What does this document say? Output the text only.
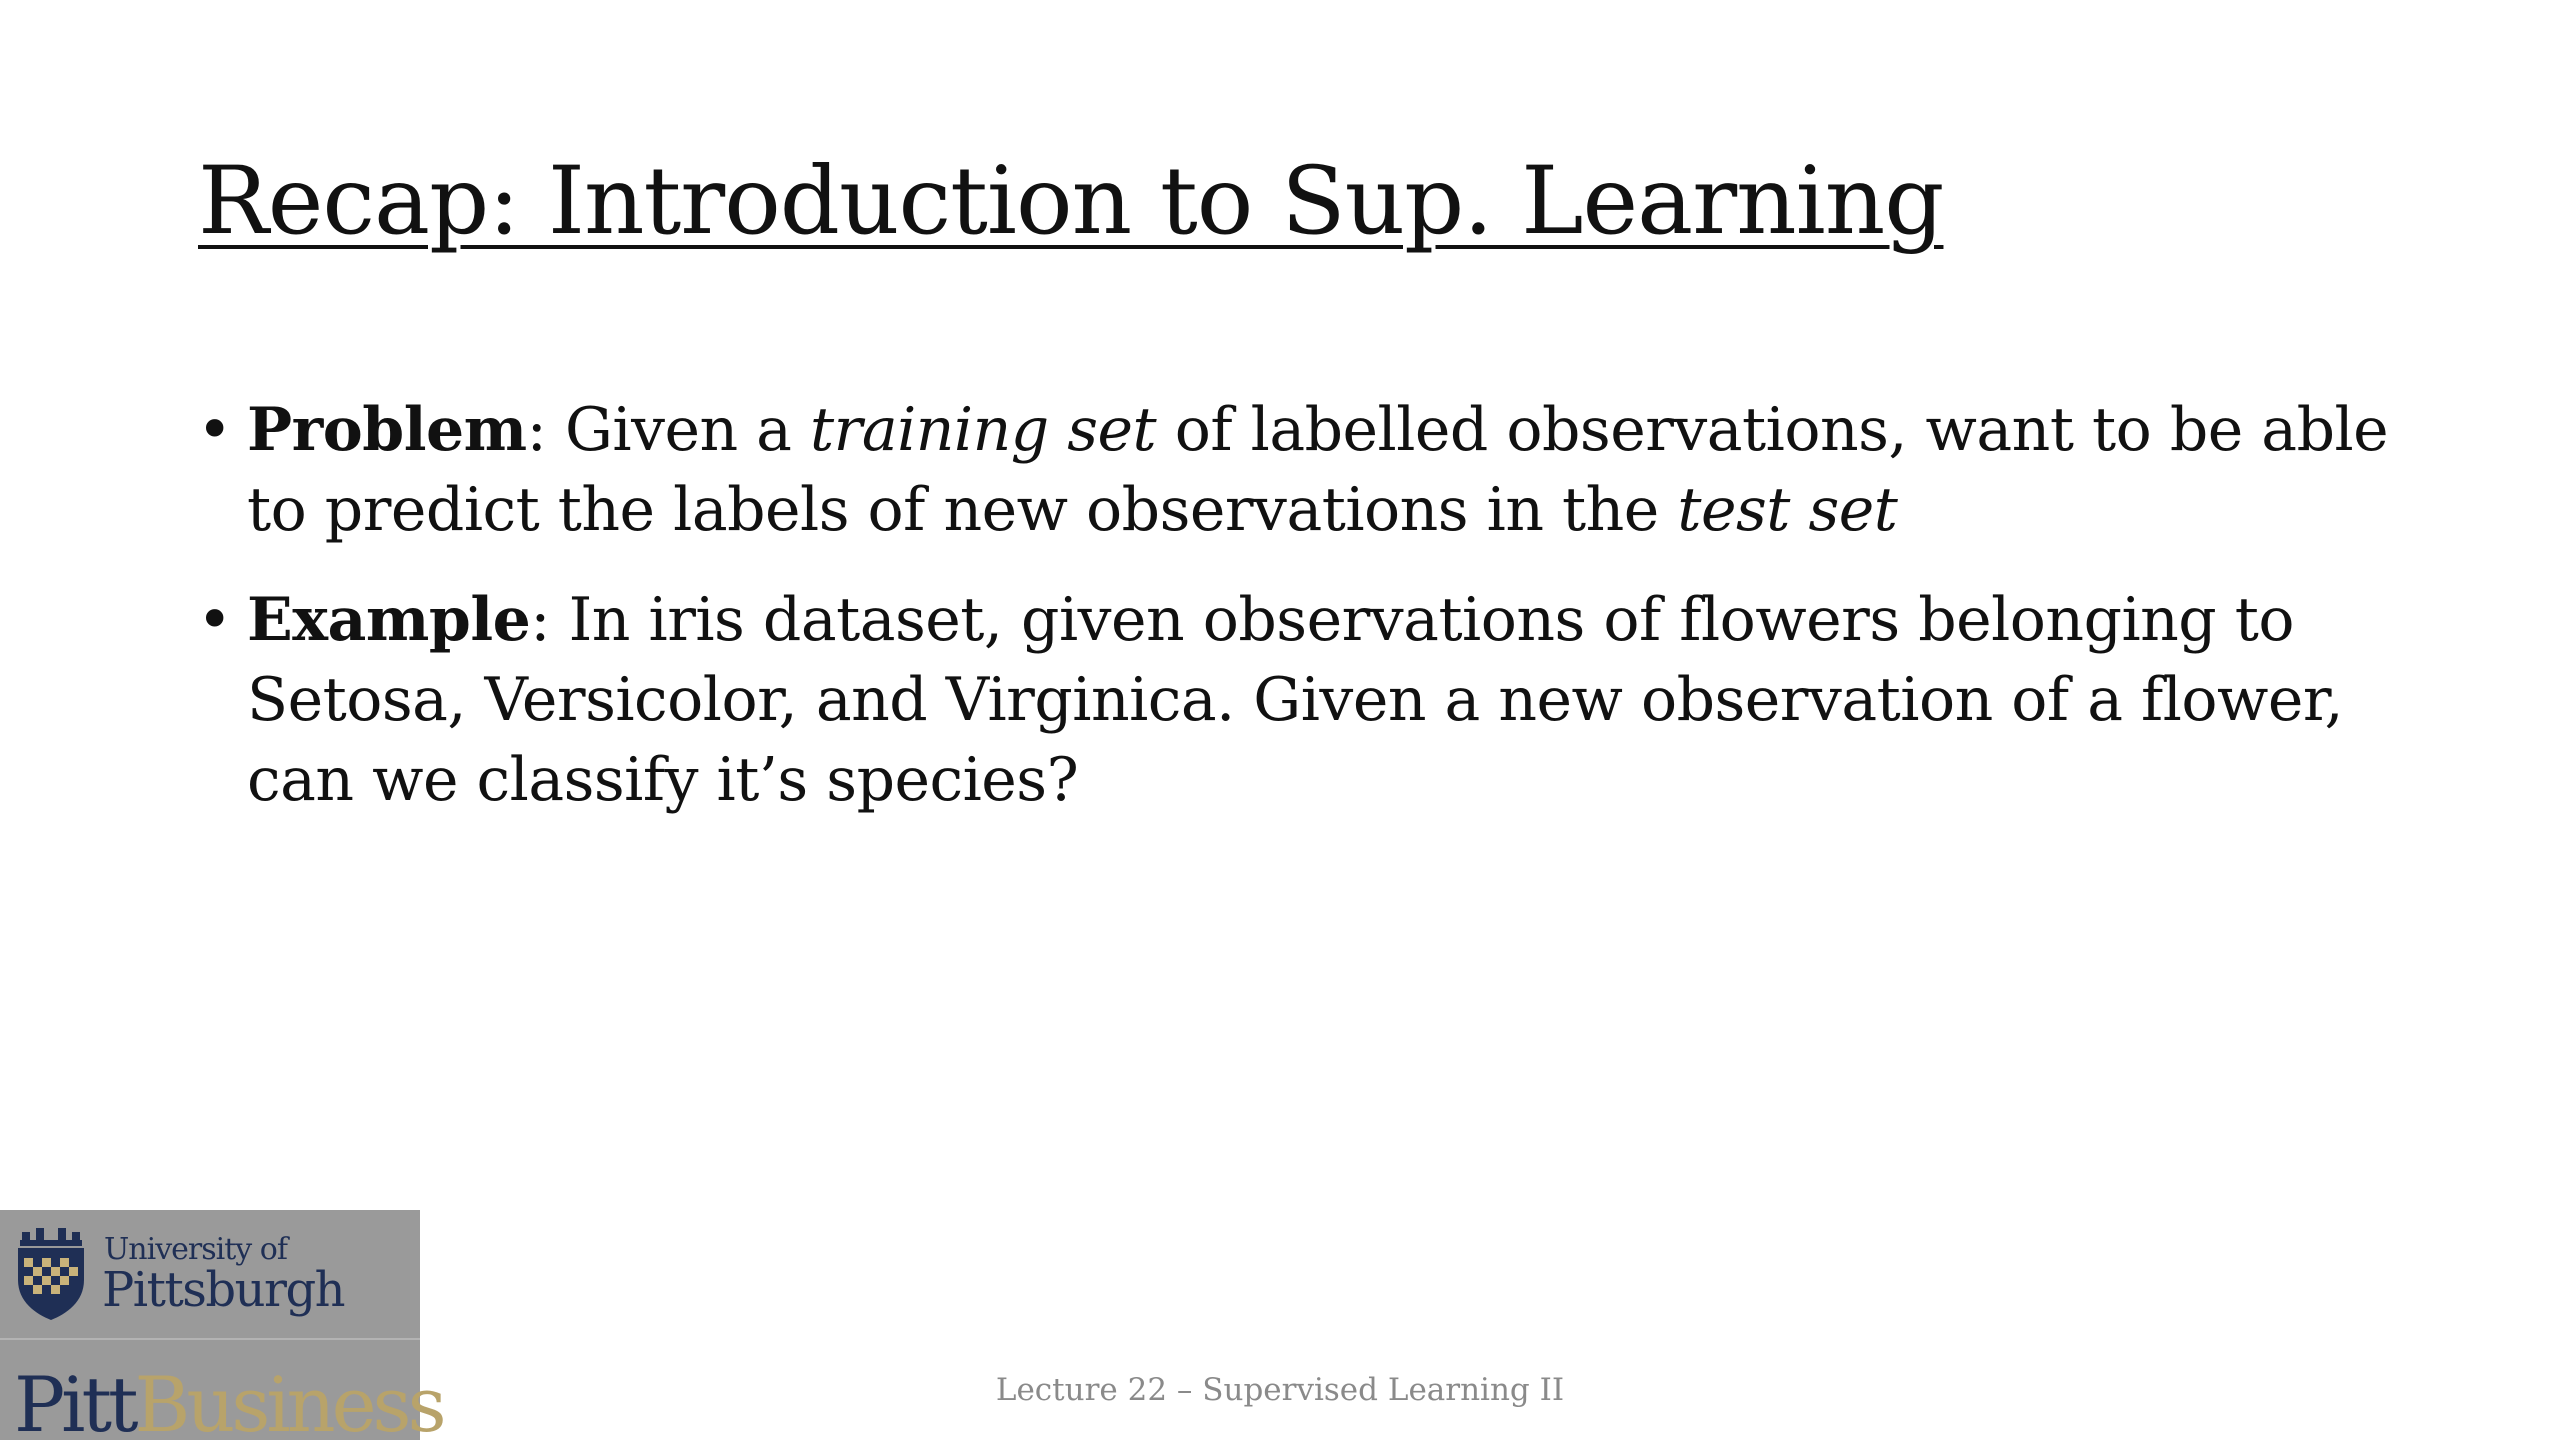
Recap: Introduction to Sup. Learning
• Problem: Given a training set of labelled observations, want to be able to predict the labels of new observations in the test set
• Example: In iris dataset, given observations of flowers belonging to Setosa, Versicolor, and Virginica. Given a new observation of a flower, can we classify it’s species?
University of
Pittsburgh
PittBusiness	Lecture 22 – Supervised Learning II
